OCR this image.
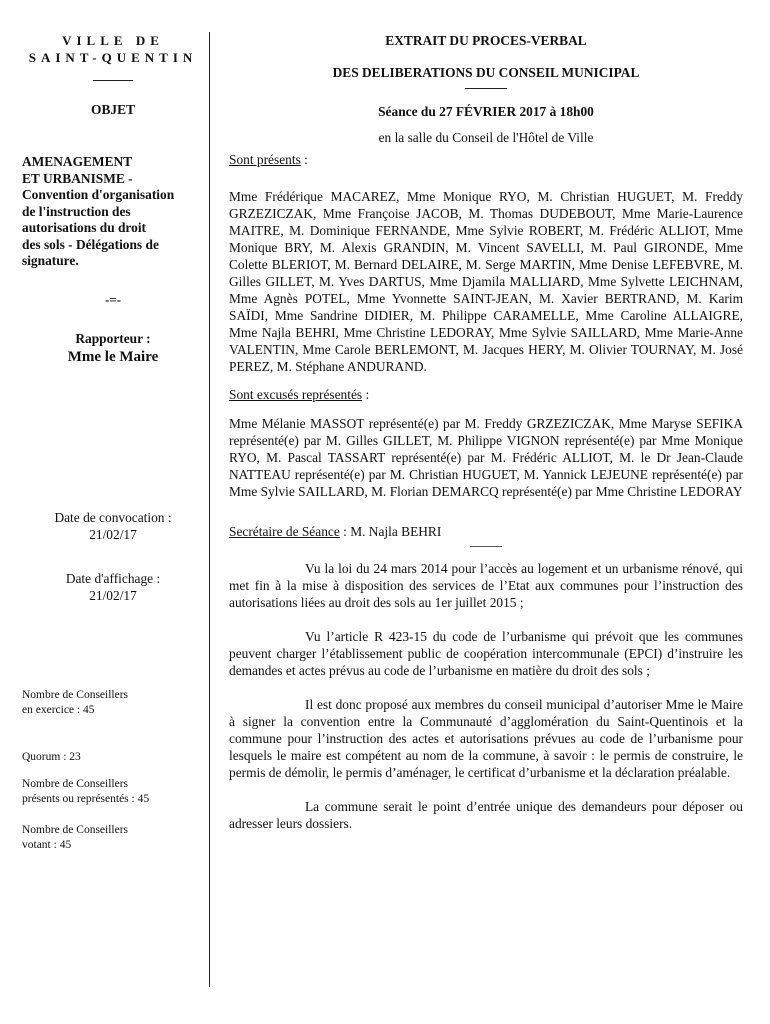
VILLE DE
SAINT-QUENTIN
OBJET
AMENAGEMENT
ET URBANISME -
Convention d'organisation
de l'instruction des
autorisations du droit
des sols - Délégations de
signature.
-=-
Rapporteur :
Mme le Maire
Date de convocation :
21/02/17
Date d'affichage :
21/02/17
Nombre de Conseillers
en exercice : 45
Quorum : 23
Nombre de Conseillers
présents ou représentés : 45
Nombre de Conseillers
votant : 45
EXTRAIT DU PROCES-VERBAL
DES DELIBERATIONS DU CONSEIL MUNICIPAL
Séance du 27 FÉVRIER 2017 à 18h00
en la salle du Conseil de l'Hôtel de Ville
Sont présents :
Mme Frédérique MACAREZ, Mme Monique RYO, M. Christian HUGUET, M. Freddy GRZEZICZAK, Mme Françoise JACOB, M. Thomas DUDEBOUT, Mme Marie-Laurence MAITRE, M. Dominique FERNANDE, Mme Sylvie ROBERT, M. Frédéric ALLIOT, Mme Monique BRY, M. Alexis GRANDIN, M. Vincent SAVELLI, M. Paul GIRONDE, Mme Colette BLERIOT, M. Bernard DELAIRE, M. Serge MARTIN, Mme Denise LEFEBVRE, M. Gilles GILLET, M. Yves DARTUS, Mme Djamila MALLIARD, Mme Sylvette LEICHNAM, Mme Agnès POTEL, Mme Yvonnette SAINT-JEAN, M. Xavier BERTRAND, M. Karim SAÏDI, Mme Sandrine DIDIER, M. Philippe CARAMELLE, Mme Caroline ALLAIGRE, Mme Najla BEHRI, Mme Christine LEDORAY, Mme Sylvie SAILLARD, Mme Marie-Anne VALENTIN, Mme Carole BERLEMONT, M. Jacques HERY, M. Olivier TOURNAY, M. José PEREZ, M. Stéphane ANDURAND.
Sont excusés représentés :
Mme Mélanie MASSOT représenté(e) par M. Freddy GRZEZICZAK, Mme Maryse SEFIKA représenté(e) par M. Gilles GILLET, M. Philippe VIGNON représenté(e) par Mme Monique RYO, M. Pascal TASSART représenté(e) par M. Frédéric ALLIOT, M. le Dr Jean-Claude NATTEAU représenté(e) par M. Christian HUGUET, M. Yannick LEJEUNE représenté(e) par Mme Sylvie SAILLARD, M. Florian DEMARCQ représenté(e) par Mme Christine LEDORAY
Secrétaire de Séance : M. Najla BEHRI
Vu la loi du 24 mars 2014 pour l’accès au logement et un urbanisme rénové, qui met fin à la mise à disposition des services de l’Etat aux communes pour l’instruction des autorisations liées au droit des sols au 1er juillet 2015 ;
Vu l’article R 423-15 du code de l’urbanisme qui prévoit que les communes peuvent charger l’établissement public de coopération intercommunale (EPCI) d’instruire les demandes et actes prévus au code de l’urbanisme en matière du droit des sols ;
Il est donc proposé aux membres du conseil municipal d’autoriser Mme le Maire à signer la convention entre la Communauté d’agglomération du Saint-Quentinois et la commune pour l’instruction des actes et autorisations prévues au code de l’urbanisme pour lesquels le maire est compétent au nom de la commune, à savoir : le permis de construire, le permis de démolir, le permis d’aménager, le certificat d’urbanisme et la déclaration préalable.
La commune serait le point d’entrée unique des demandeurs pour déposer ou adresser leurs dossiers.
